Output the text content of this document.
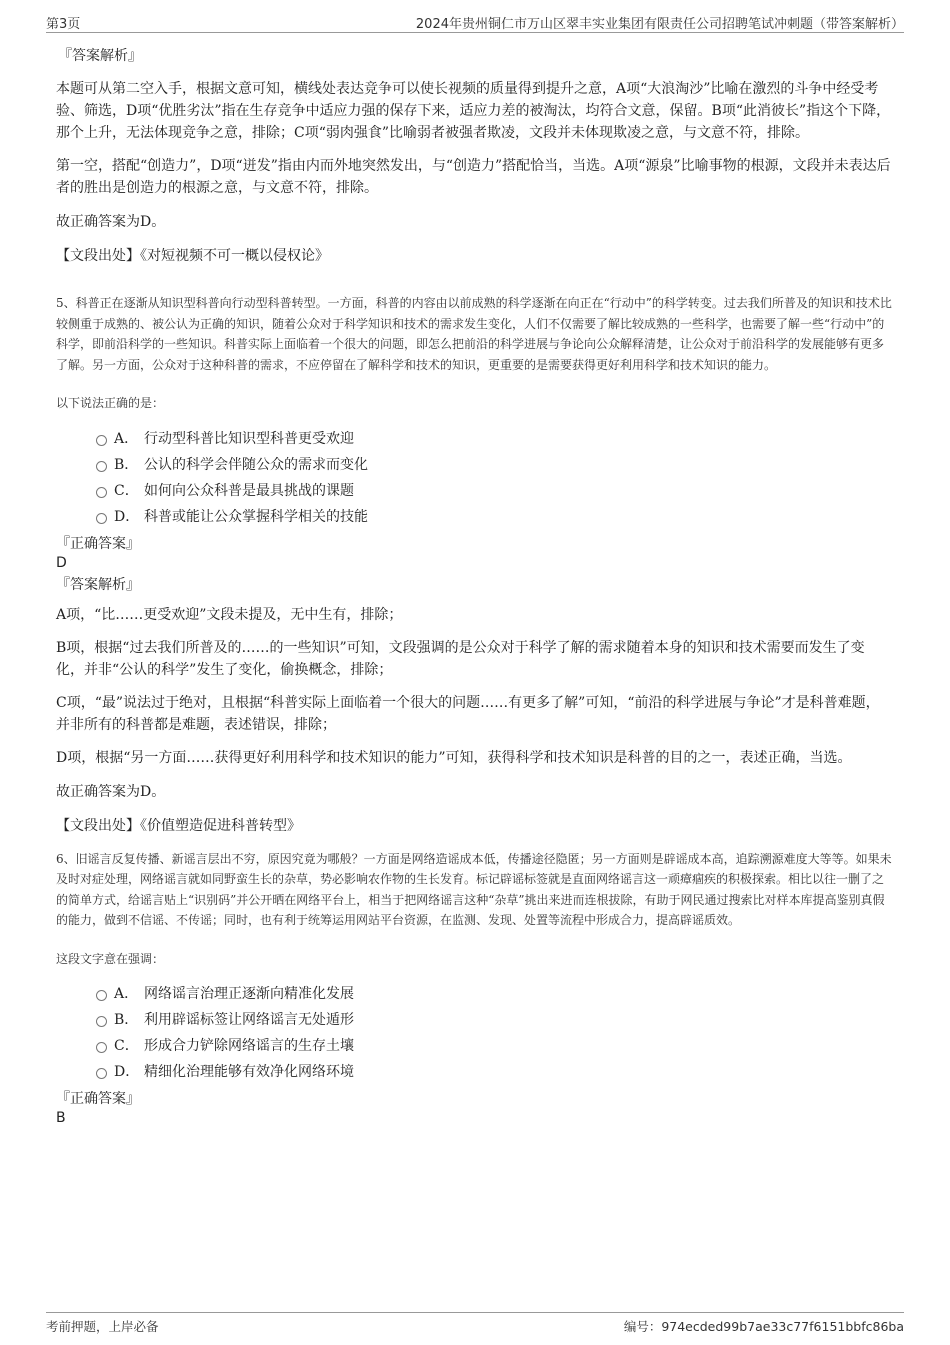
第3页	2024年贵州铜仁市万山区翠丰实业集团有限责任公司招聘笔试冲刺题（带答案解析）

『答案解析』

本题可从第二空入手，根据文意可知，横线处表达竞争可以使长视频的质量得到提升之意，A项“大浪淘沙”比喻在激烈的斗争中经受考验、筛选，D项“优胜劣汰”指在生存竞争中适应力强的保存下来，适应力差的被淘汰，均符合文意，保留。B项“此消彼长”指这个下降，那个上升，无法体现竞争之意，排除；C项“弱肉强食”比喻弱者被强者欺凌，文段并未体现欺凌之意，与文意不符，排除。

第一空，搭配“创造力”，D项“迸发”指由内而外地突然发出，与“创造力”搭配恰当，当选。A项“源泉”比喻事物的根源，文段并未表达后者的胜出是创造力的根源之意，与文意不符，排除。

故正确答案为D。

【文段出处】《对短视频不可一概以侵权论》

5、科普正在逐渐从知识型科普向行动型科普转型。一方面，科普的内容由以前成熟的科学逐渐在向正在“行动中”的科学转变。过去我们所普及的知识和技术比较侧重于成熟的、被公认为正确的知识，随着公众对于科学知识和技术的需求发生变化，人们不仅需要了解比较成熟的一些科学，也需要了解一些“行动中”的科学，即前沿科学的一些知识。科普实际上面临着一个很大的问题，即怎么把前沿的科学进展与争论向公众解释清楚，让公众对于前沿科学的发展能够有更多了解。另一方面，公众对于这种科普的需求，不应停留在了解科学和技术的知识，更重要的是需要获得更好利用科学和技术知识的能力。

以下说法正确的是：

A． 行动型科普比知识型科普更受欢迎
B． 公认的科学会伴随公众的需求而变化
C． 如何向公众科普是最具挑战的课题
D． 科普或能让公众掌握科学相关的技能

『正确答案』

D

『答案解析』

A项，“比……更受欢迎”文段未提及，无中生有，排除；

B项，根据“过去我们所普及的……的一些知识”可知，文段强调的是公众对于科学了解的需求随着本身的知识和技术需要而发生了变化，并非“公认的科学”发生了变化，偷换概念，排除；

C项，“最”说法过于绝对，且根据“科普实际上面临着一个很大的问题……有更多了解”可知，“前沿的科学进展与争论”才是科普难题，并非所有的科普都是难题，表述错误，排除；

D项，根据“另一方面……获得更好利用科学和技术知识的能力”可知，获得科学和技术知识是科普的目的之一，表述正确，当选。

故正确答案为D。

【文段出处】《价值塑造促进科普转型》

6、旧谣言反复传播、新谣言层出不穷，原因究竟为哪般？一方面是网络造谣成本低，传播途径隐匿；另一方面则是辟谣成本高，追踪溯源难度大等等。如果未及时对症处理，网络谣言就如同野蛮生长的杂草，势必影响农作物的生长发育。标记辟谣标签就是直面网络谣言这一顽瘴痼疾的积极探索。相比以往一删了之的简单方式，给谣言贴上“识别码”并公开晒在网络平台上，相当于把网络谣言这种“杂草”挑出来进而连根拔除，有助于网民通过搜索比对样本库提高鉴别真假的能力，做到不信谣、不传谣；同时，也有利于统筹运用网站平台资源，在监测、发现、处置等流程中形成合力，提高辟谣质效。

这段文字意在强调：

A． 网络谣言治理正逐渐向精准化发展
B． 利用辟谣标签让网络谣言无处遁形
C． 形成合力铲除网络谣言的生存土壤
D． 精细化治理能够有效净化网络环境

『正确答案』

B

考前押题，上岸必备	编号：974ecded99b7ae33c77f6151bbfc86ba
